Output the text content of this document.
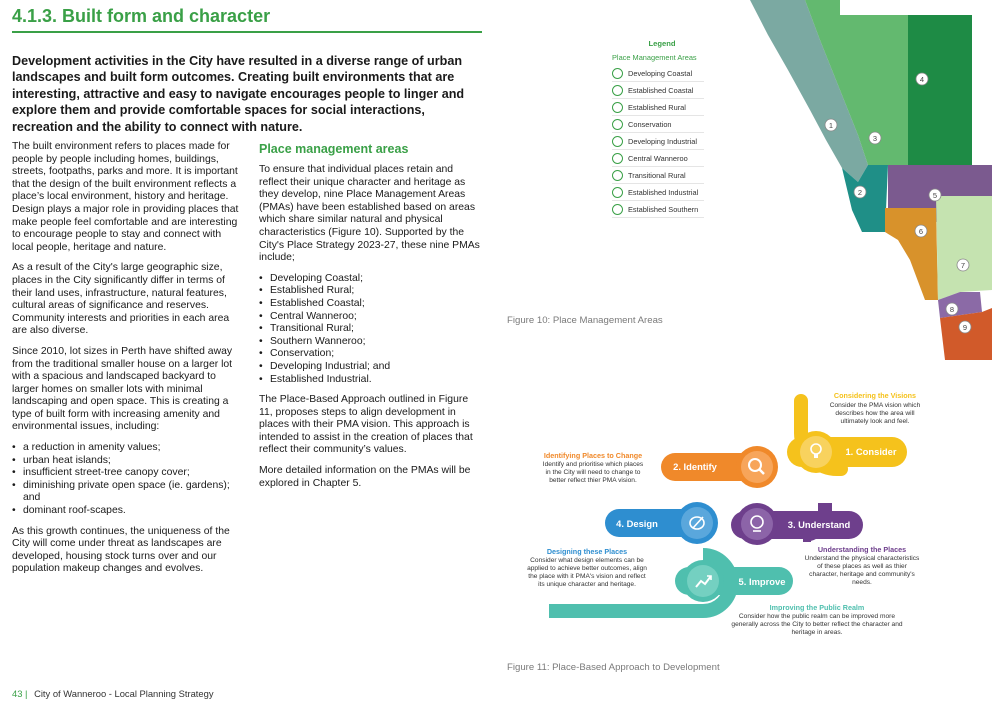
4.1.3. Built form and character

Development activities in the City have resulted in a diverse range of urban landscapes and built form outcomes. Creating built environments that are interesting, attractive and easy to navigate encourages people to linger and explore them and provide comfortable spaces for social interactions, recreation and the ability to connect with nature.

The built environment refers to places made for people by people including homes, buildings, streets, footpaths, parks and more. It is important that the design of the built environment reflects a place’s local environment, history and heritage. Design plays a major role in providing places that make people feel comfortable and are interesting to encourage people to stay and connect with local people, heritage and nature.

As a result of the City's large geographic size, places in the City significantly differ in terms of their land uses, infrastructure, natural features, cultural areas of significance and reserves. Community interests and priorities in each area are also diverse.

Since 2010, lot sizes in Perth have shifted away from the traditional smaller house on a larger lot with a spacious and landscaped backyard to larger homes on smaller lots with minimal landscaping and open space. This is creating a type of built form with increasing amenity and environmental issues, including:

• a reduction in amenity values;
• urban heat islands;
• insufficient street-tree canopy cover;
• diminishing private open space (ie. gardens); and
• dominant roof-scapes.

As this growth continues, the uniqueness of the City will come under threat as landscapes are developed, housing stock turns over and our population makeup changes and evolves.

Place management areas

To ensure that individual places retain and reflect their unique character and heritage as they develop, nine Place Management Areas (PMAs) have been established based on areas which share similar natural and physical characteristics (Figure 10). Supported by the City's Place Strategy 2023-27, these nine PMAs include;

• Developing Coastal;
• Established Rural;
• Established Coastal;
• Central Wanneroo;
• Transitional Rural;
• Southern Wanneroo;
• Conservation;
• Developing Industrial; and
• Established Industrial.

The Place-Based Approach outlined in Figure 11, proposes steps to align development in places with their PMA vision. This approach is intended to assist in the creation of places that reflect their community’s values.

More detailed information on the PMAs will be explored in Chapter 5.

1
2
3
4
5
6
7
8
9
Legend
Place Management Areas
Developing Coastal
Established Coastal
Established Rural
Conservation
Developing Industrial
Central Wanneroo
Transitional Rural
Established Industrial
Established Southern
Figure 10: Place Management Areas
2. Identify
1. Consider
3. Understand
4. Design
5. Improve
Considering the Visions
Consider the PMA vision which
describes how the area will
ultimately look and feel.
Identifying Places to Change
Identify and prioritise which places
in the City will need to change to
better reflect thier PMA vision.
Understanding the Places
Understand the physical characteristics
of these places as well as thier
character, heritage and community's
needs.
Designing these Places
Consider what design elements can be
applied to achieve better outcomes, align
the place with it PMA's vision and reflect
its unique character and heritage.
Improving the Public Realm
Consider how the public realm can be improved more
generally across the City to better reflect the character and
heritage in areas.
Figure 11: Place-Based Approach to Development
43 | City of Wanneroo - Local Planning Strategy
